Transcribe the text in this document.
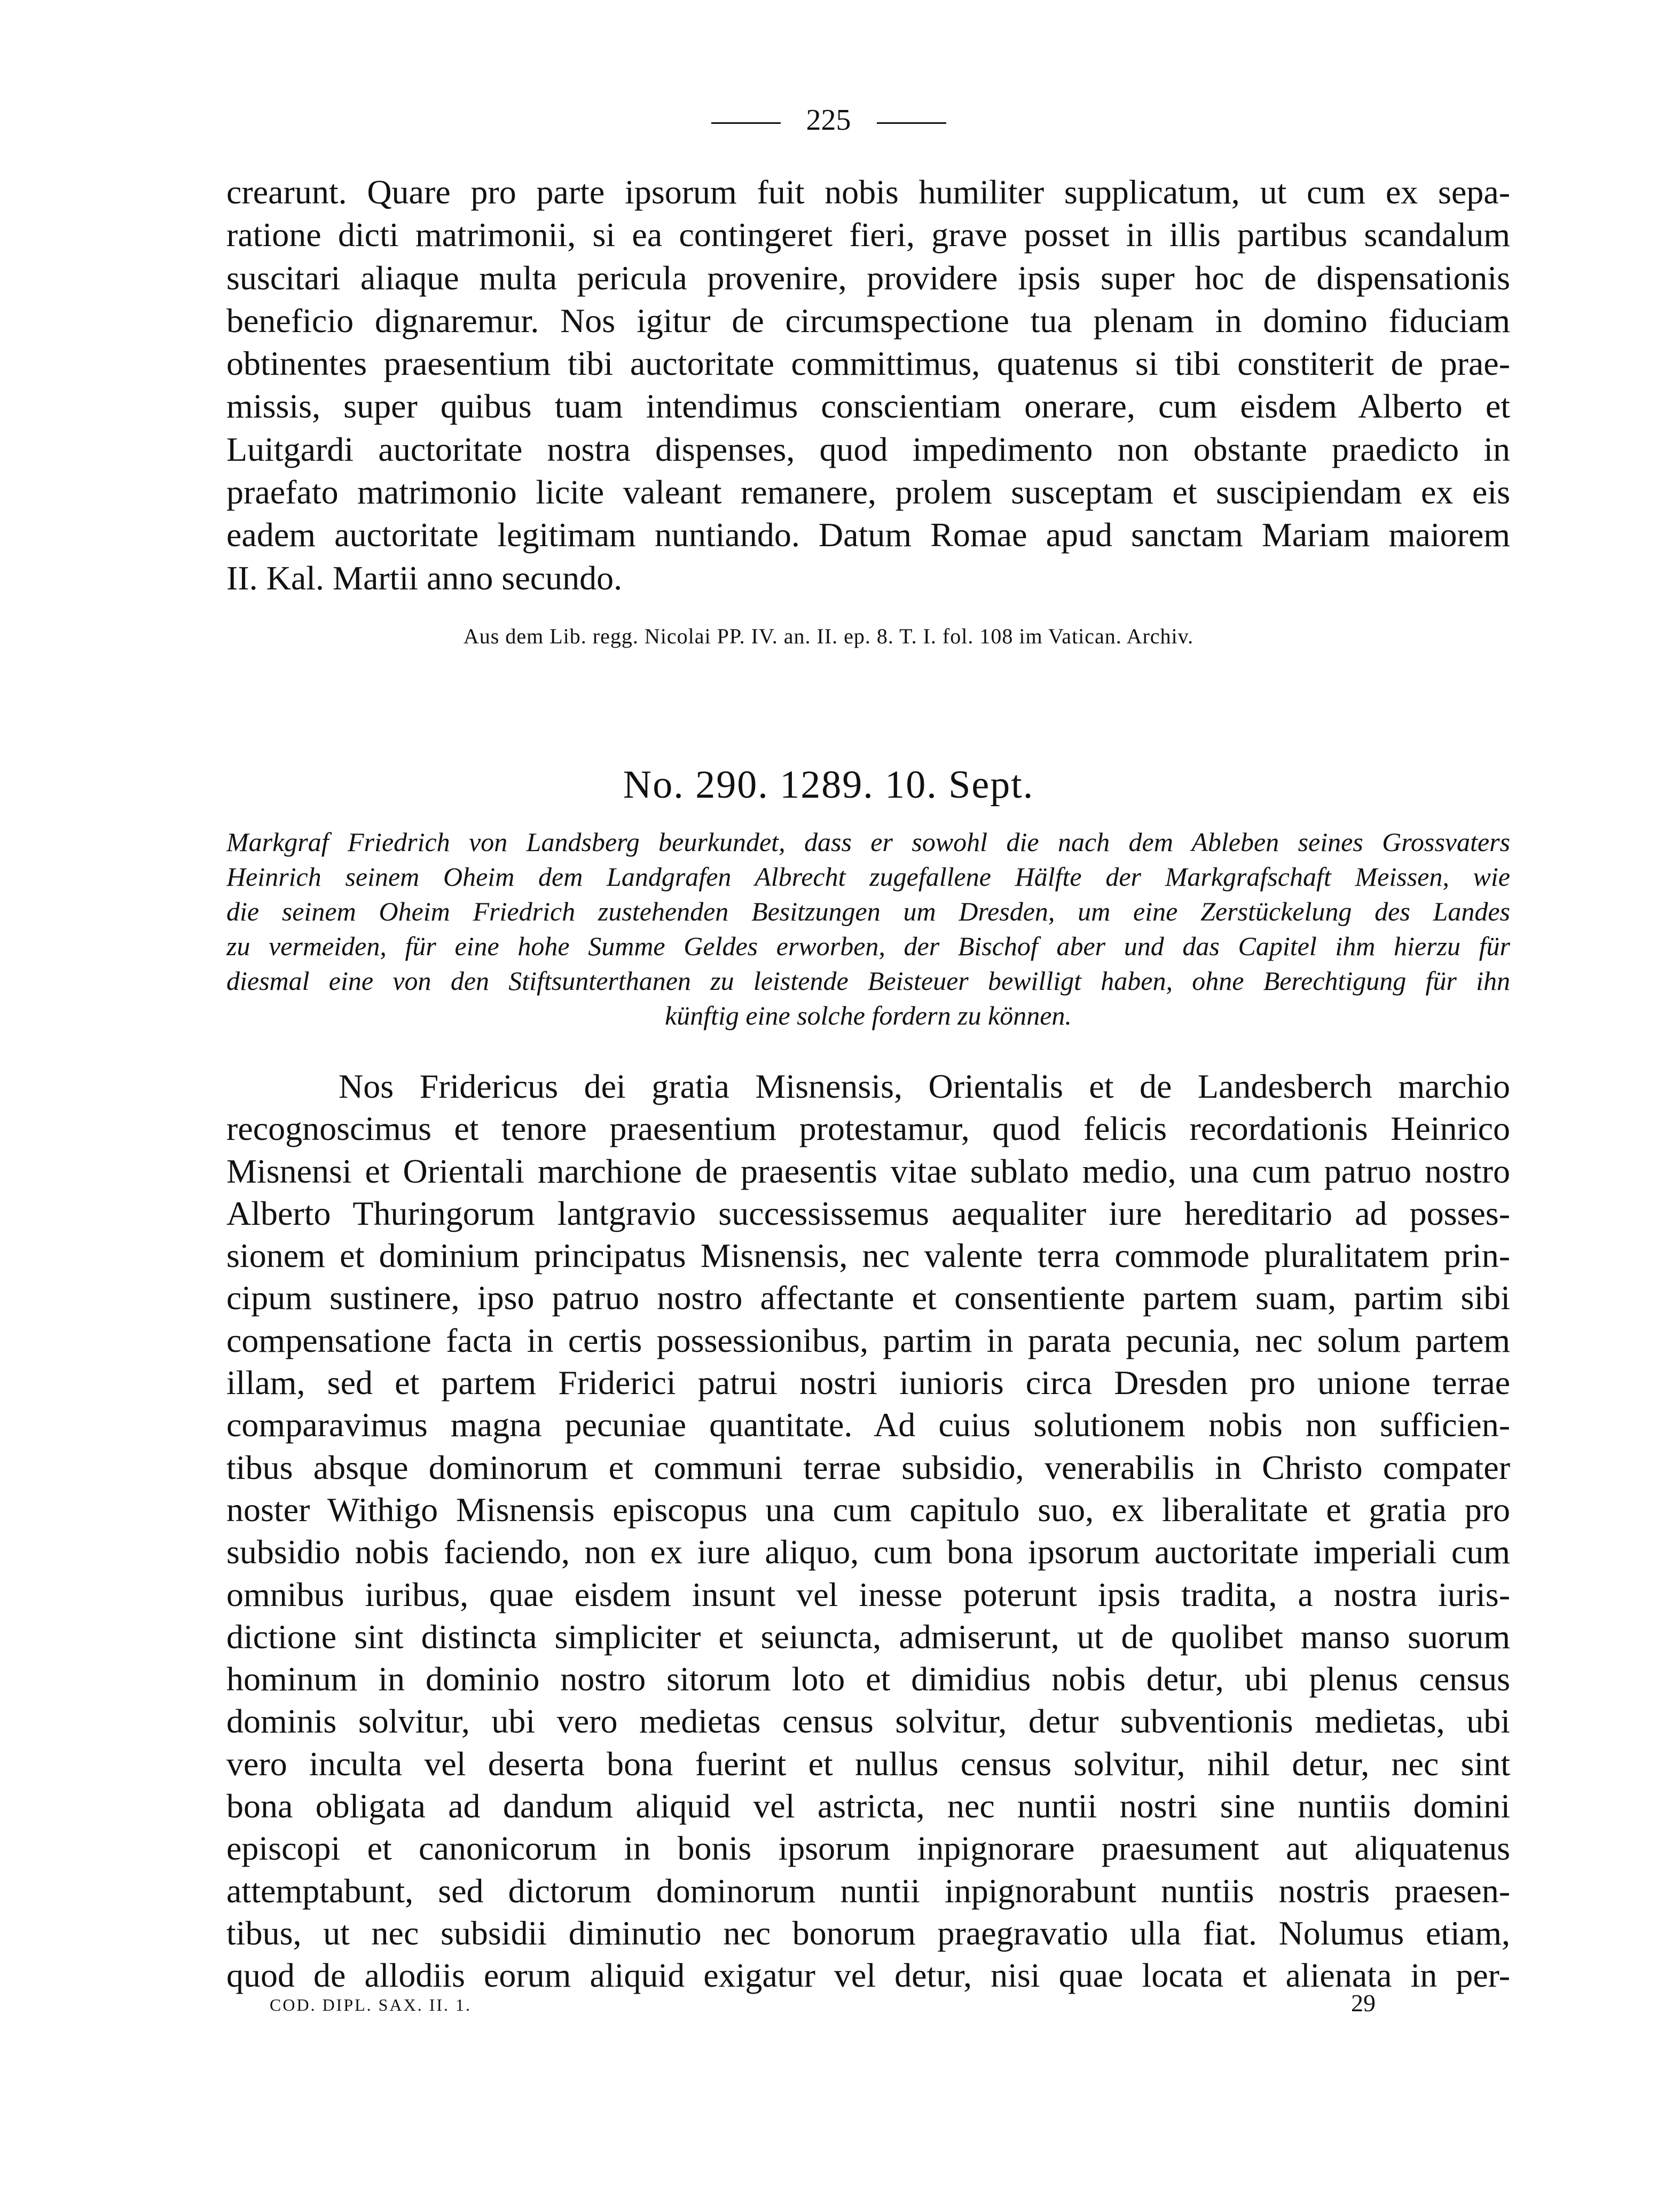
225
crearunt. Quare pro parte ipsorum fuit nobis humiliter supplicatum, ut cum ex sepa-
ratione dicti matrimonii, si ea contingeret fieri, grave posset in illis partibus scandalum
suscitari aliaque multa pericula provenire, providere ipsis super hoc de dispensationis
beneficio dignaremur. Nos igitur de circumspectione tua plenam in domino fiduciam
obtinentes praesentium tibi auctoritate committimus, quatenus si tibi constiterit de prae-
missis, super quibus tuam intendimus conscientiam onerare, cum eisdem Alberto et
Luitgardi auctoritate nostra dispenses, quod impedimento non obstante praedicto in
praefato matrimonio licite valeant remanere, prolem susceptam et suscipiendam ex eis
eadem auctoritate legitimam nuntiando. Datum Romae apud sanctam Mariam maiorem
II. Kal. Martii anno secundo.
Aus dem Lib. regg. Nicolai PP. IV. an. II. ep. 8. T. I. fol. 108 im Vatican. Archiv.
No. 290. 1289. 10. Sept.
Markgraf Friedrich von Landsberg beurkundet, dass er sowohl die nach dem Ableben seines Grossvaters
Heinrich seinem Oheim dem Landgrafen Albrecht zugefallene Hälfte der Markgrafschaft Meissen, wie
die seinem Oheim Friedrich zustehenden Besitzungen um Dresden, um eine Zerstückelung des Landes
zu vermeiden, für eine hohe Summe Geldes erworben, der Bischof aber und das Capitel ihm hierzu für
diesmal eine von den Stiftsunterthanen zu leistende Beisteuer bewilligt haben, ohne Berechtigung für ihn
künftig eine solche fordern zu können.
Nos Fridericus dei gratia Misnensis, Orientalis et de Landesberch marchio
recognoscimus et tenore praesentium protestamur, quod felicis recordationis Heinrico
Misnensi et Orientali marchione de praesentis vitae sublato medio, una cum patruo nostro
Alberto Thuringorum lantgravio successissemus aequaliter iure hereditario ad posses-
sionem et dominium principatus Misnensis, nec valente terra commode pluralitatem prin-
cipum sustinere, ipso patruo nostro affectante et consentiente partem suam, partim sibi
compensatione facta in certis possessionibus, partim in parata pecunia, nec solum partem
illam, sed et partem Friderici patrui nostri iunioris circa Dresden pro unione terrae
comparavimus magna pecuniae quantitate. Ad cuius solutionem nobis non sufficien-
tibus absque dominorum et communi terrae subsidio, venerabilis in Christo compater
noster Withigo Misnensis episcopus una cum capitulo suo, ex liberalitate et gratia pro
subsidio nobis faciendo, non ex iure aliquo, cum bona ipsorum auctoritate imperiali cum
omnibus iuribus, quae eisdem insunt vel inesse poterunt ipsis tradita, a nostra iuris-
dictione sint distincta simpliciter et seiuncta, admiserunt, ut de quolibet manso suorum
hominum in dominio nostro sitorum loto et dimidius nobis detur, ubi plenus census
dominis solvitur, ubi vero medietas census solvitur, detur subventionis medietas, ubi
vero inculta vel deserta bona fuerint et nullus census solvitur, nihil detur, nec sint
bona obligata ad dandum aliquid vel astricta, nec nuntii nostri sine nuntiis domini
episcopi et canonicorum in bonis ipsorum inpignorare praesument aut aliquatenus
attemptabunt, sed dictorum dominorum nuntii inpignorabunt nuntiis nostris praesen-
tibus, ut nec subsidii diminutio nec bonorum praegravatio ulla fiat. Nolumus etiam,
quod de allodiis eorum aliquid exigatur vel detur, nisi quae locata et alienata in per-
COD. DIPL. SAX. II. 1.	29
